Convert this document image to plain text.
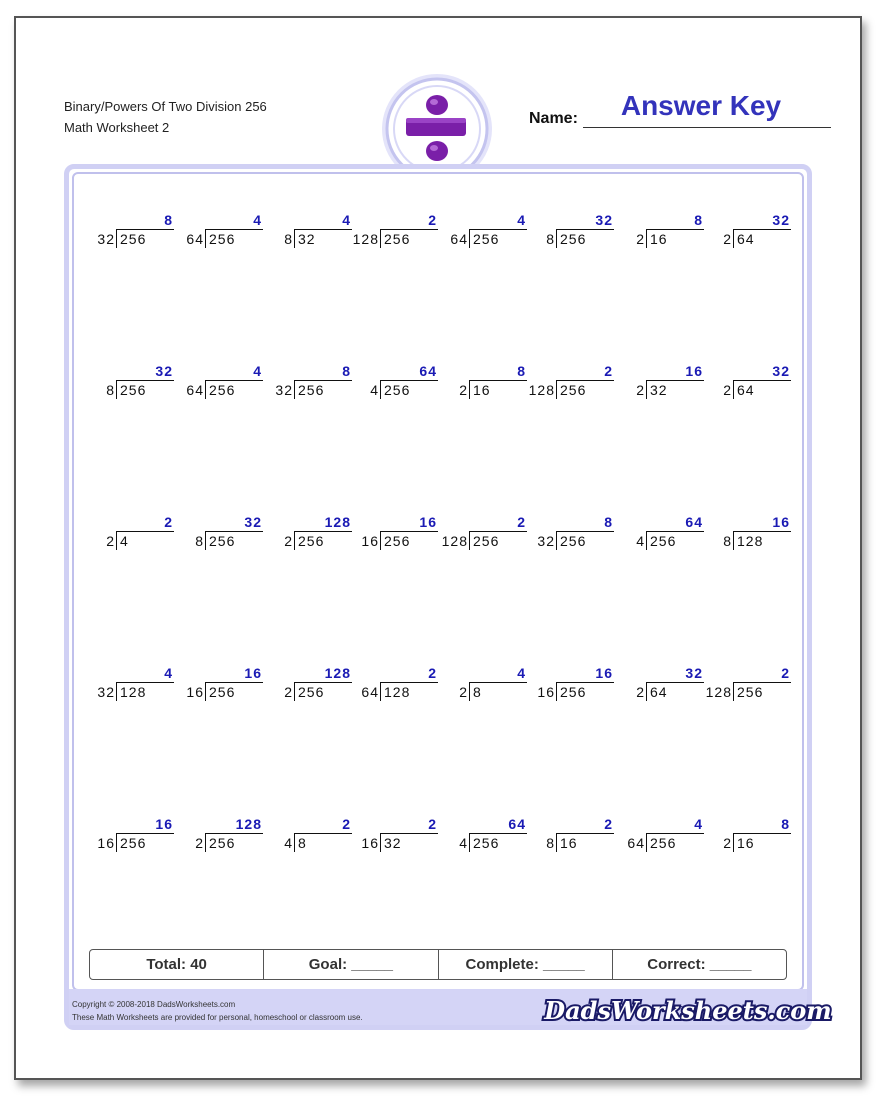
Binary/Powers Of Two Division 256
Math Worksheet 2
Name:	Answer Key
8
32 256
4
64 256
4
8 32
2
128 256
4
64 256
32
8 256
8
2 16
32
2 64
32
8 256
4
64 256
8
32 256
64
4 256
8
2 16
2
128 256
16
2 32
32
2 64
2
2 4
32
8 256
128
2 256
16
16 256
2
128 256
8
32 256
64
4 256
16
8 128
4
32 128
16
16 256
128
2 256
2
64 128
4
2 8
16
16 256
32
2 64
2
128 256
16
16 256
128
2 256
2
4 8
2
16 32
64
4 256
2
8 16
4
64 256
8
2 16
Total: 40	Goal: _____	Complete: _____	Correct: _____
Copyright © 2008-2018 DadsWorksheets.com
These Math Worksheets are provided for personal, homeschool or classroom use.	DadsWorksheets.com
